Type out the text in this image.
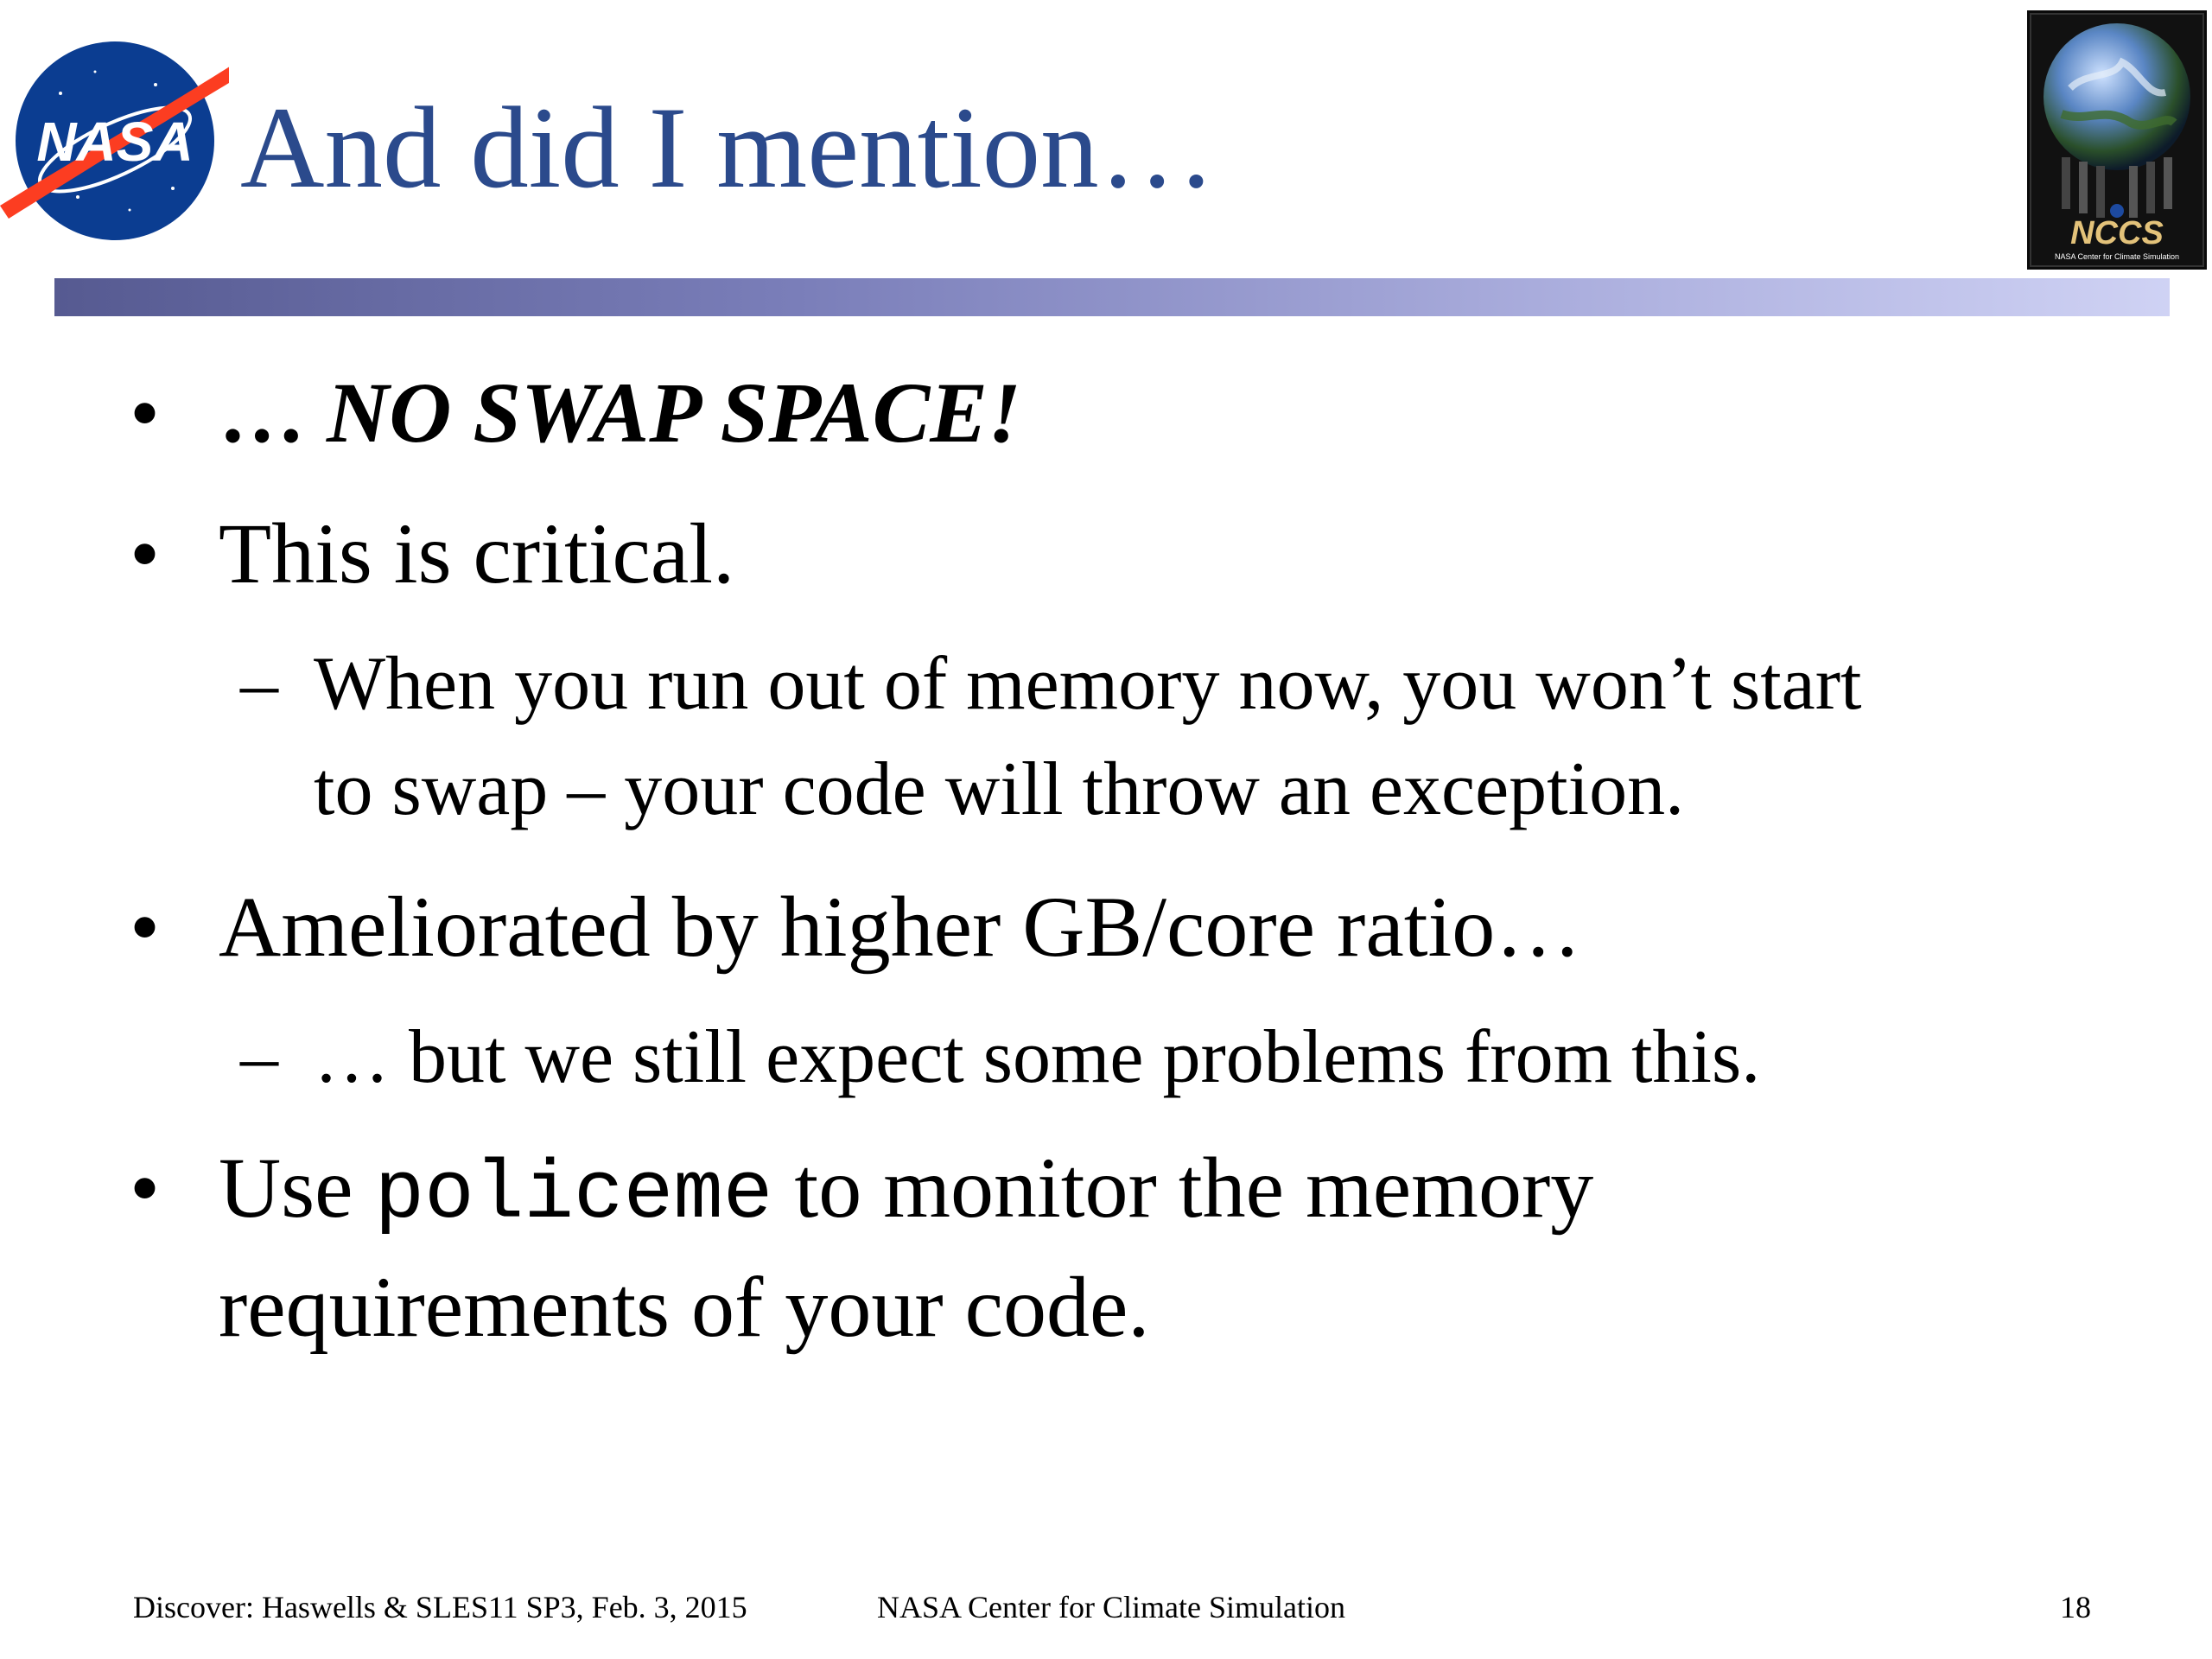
NASA And did I mention…
NCCS
NASA Center for Climate Simulation
• … NO SWAP SPACE!
• This is critical.
– When you run out of memory now, you won’t start
to swap – your code will throw an exception.
• Ameliorated by higher GB/core ratio…
– … but we still expect some problems from this.
• Use policeme to monitor the memory
requirements of your code.
Discover: Haswells & SLES11 SP3, Feb. 3, 2015	NASA Center for Climate Simulation	18
